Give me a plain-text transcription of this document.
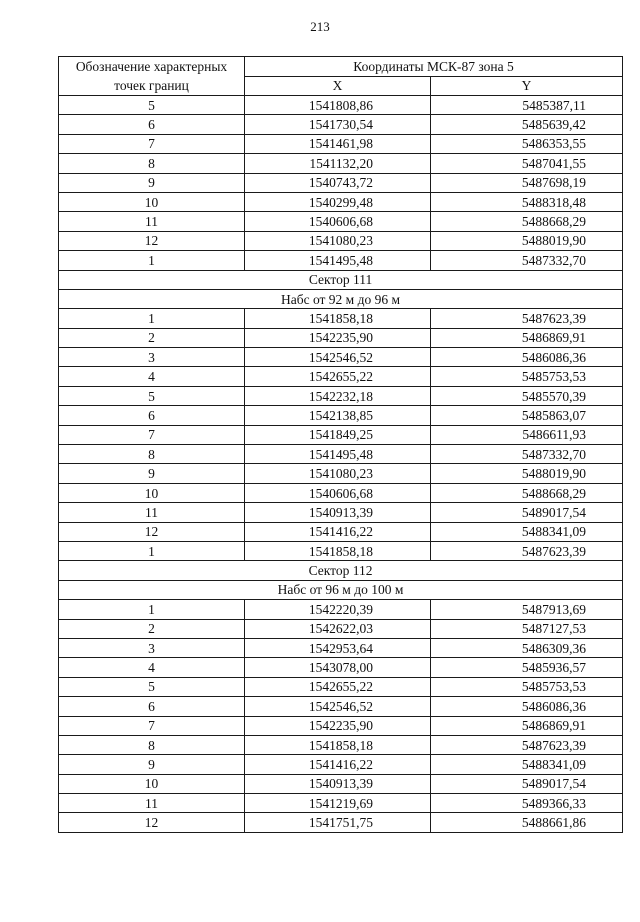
213
Обозначение характерных
точек границ	Координаты МСК-87 зона 5	
	X	Y
5	1541808,86	5485387,11
6	1541730,54	5485639,42
7	1541461,98	5486353,55
8	1541132,20	5487041,55
9	1540743,72	5487698,19
10	1540299,48	5488318,48
11	1540606,68	5488668,29
12	1541080,23	5488019,90
1	1541495,48	5487332,70
Сектор 111		
Набс от 92 м до 96 м		
1	1541858,18	5487623,39
2	1542235,90	5486869,91
3	1542546,52	5486086,36
4	1542655,22	5485753,53
5	1542232,18	5485570,39
6	1542138,85	5485863,07
7	1541849,25	5486611,93
8	1541495,48	5487332,70
9	1541080,23	5488019,90
10	1540606,68	5488668,29
11	1540913,39	5489017,54
12	1541416,22	5488341,09
1	1541858,18	5487623,39
Сектор 112		
Набс от 96 м до 100 м		
1	1542220,39	5487913,69
2	1542622,03	5487127,53
3	1542953,64	5486309,36
4	1543078,00	5485936,57
5	1542655,22	5485753,53
6	1542546,52	5486086,36
7	1542235,90	5486869,91
8	1541858,18	5487623,39
9	1541416,22	5488341,09
10	1540913,39	5489017,54
11	1541219,69	5489366,33
12	1541751,75	5488661,86
